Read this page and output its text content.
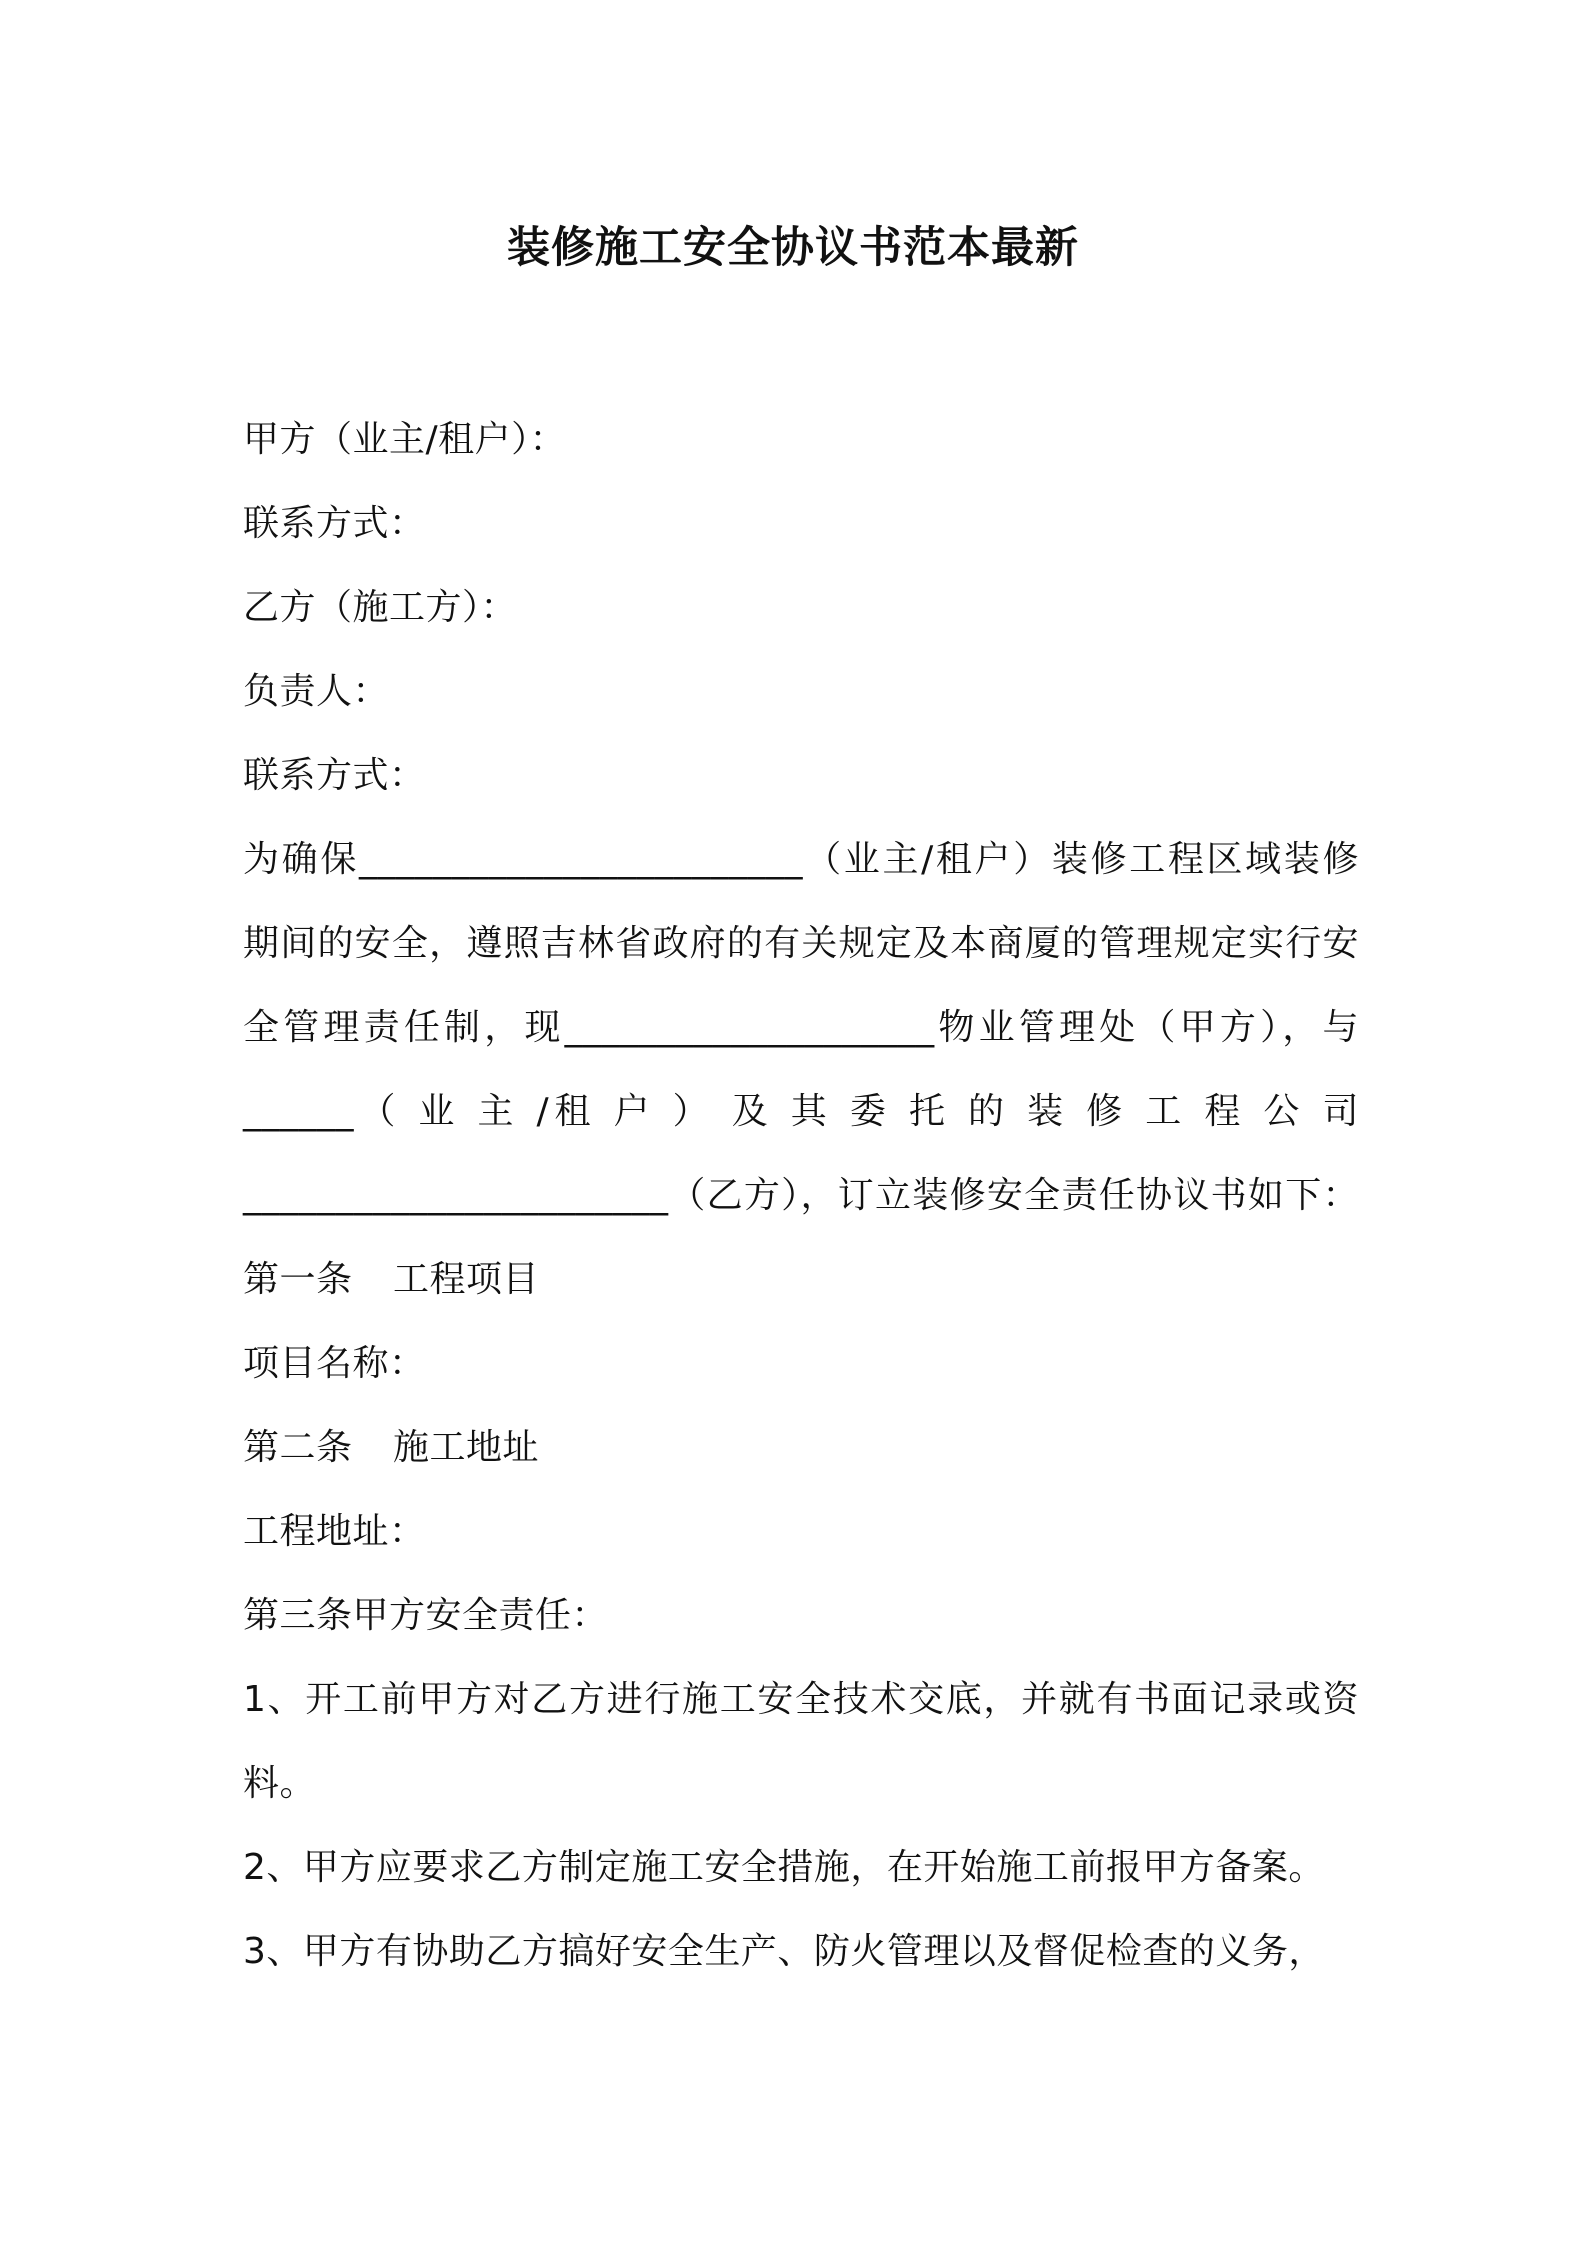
装修施工安全协议书范本最新
甲方（业主/租户）：
联系方式：
乙方（施工方）：
负责人：
联系方式：
为确保________________________（业主/租户）装修工程区域装修
期间的安全，遵照吉林省政府的有关规定及本商厦的管理规定实行安
全管理责任制，现____________________物业管理处（甲方），与
______（ 业 主 /租 户 ） 及 其 委 托 的 装 修 工 程 公 司
_______________________（乙方），订立装修安全责任协议书如下：
第一条 工程项目
项目名称：
第二条 施工地址
工程地址：
第三条甲方安全责任：
1、开工前甲方对乙方进行施工安全技术交底，并就有书面记录或资
料。
2、甲方应要求乙方制定施工安全措施，在开始施工前报甲方备案。
3、甲方有协助乙方搞好安全生产、防火管理以及督促检查的义务，
